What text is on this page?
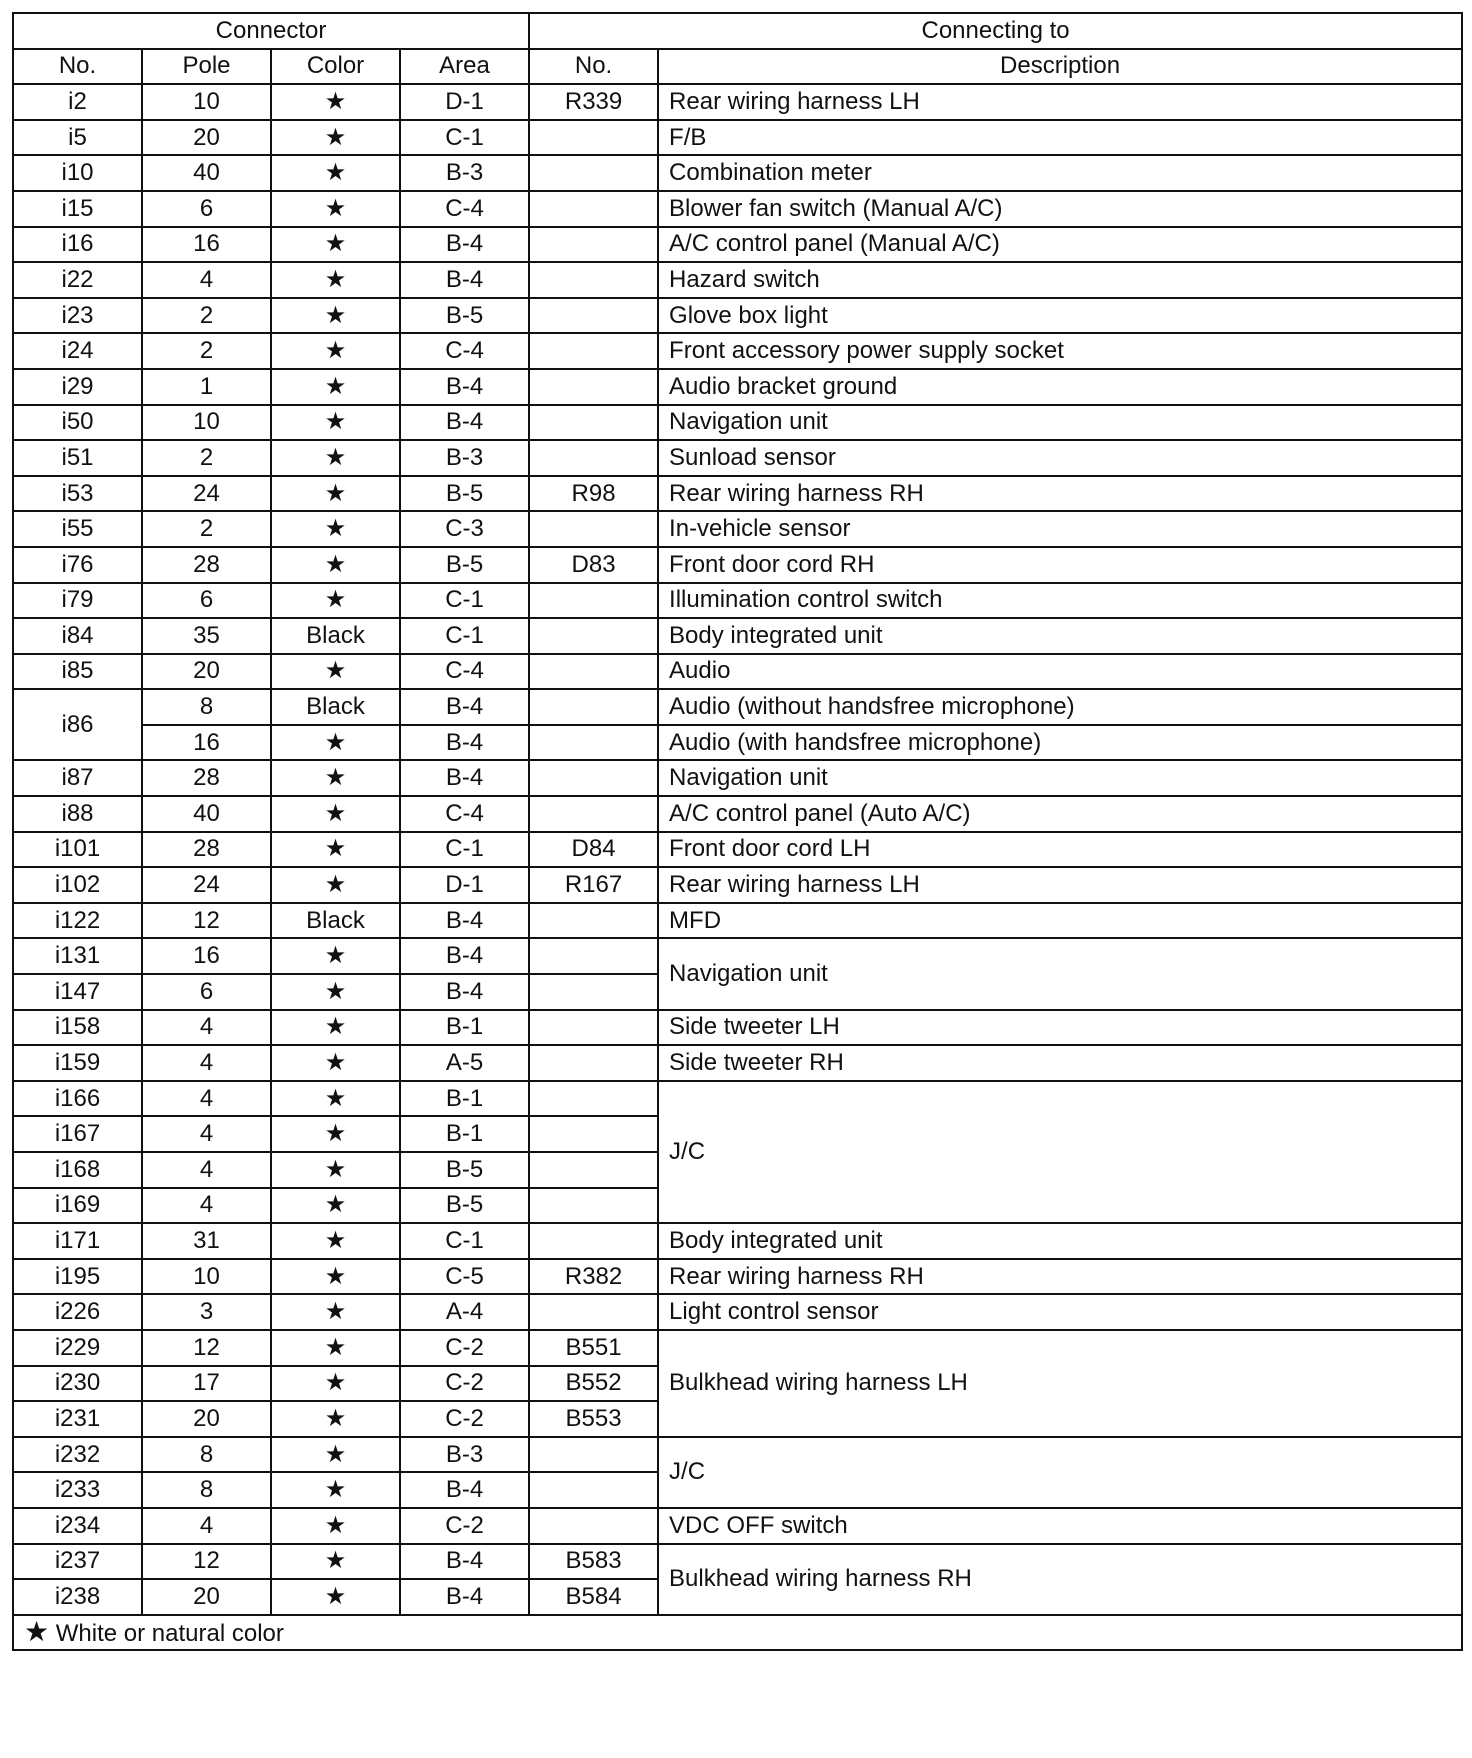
Connector				Connecting to	
No.	Pole	Color	Area	No.	Description
i2	10	★	D-1	R339	Rear wiring harness LH
i5	20	★	C-1		F/B
i10	40	★	B-3		Combination meter
i15	6	★	C-4		Blower fan switch (Manual A/C)
i16	16	★	B-4		A/C control panel (Manual A/C)
i22	4	★	B-4		Hazard switch
i23	2	★	B-5		Glove box light
i24	2	★	C-4		Front accessory power supply socket
i29	1	★	B-4		Audio bracket ground
i50	10	★	B-4		Navigation unit
i51	2	★	B-3		Sunload sensor
i53	24	★	B-5	R98	Rear wiring harness RH
i55	2	★	C-3		In-vehicle sensor
i76	28	★	B-5	D83	Front door cord RH
i79	6	★	C-1		Illumination control switch
i84	35	Black	C-1		Body integrated unit
i85	20	★	C-4		Audio
i86	8	Black	B-4		Audio (without handsfree microphone)
	16	★	B-4		Audio (with handsfree microphone)
i87	28	★	B-4		Navigation unit
i88	40	★	C-4		A/C control panel (Auto A/C)
i101	28	★	C-1	D84	Front door cord LH
i102	24	★	D-1	R167	Rear wiring harness LH
i122	12	Black	B-4		MFD
i131	16	★	B-4		Navigation unit
i147	6	★	B-4		
i158	4	★	B-1		Side tweeter LH
i159	4	★	A-5		Side tweeter RH
i166	4	★	B-1		J/C
i167	4	★	B-1		
i168	4	★	B-5		
i169	4	★	B-5		
i171	31	★	C-1		Body integrated unit
i195	10	★	C-5	R382	Rear wiring harness RH
i226	3	★	A-4		Light control sensor
i229	12	★	C-2	B551	Bulkhead wiring harness LH
i230	17	★	C-2	B552	
i231	20	★	C-2	B553	
i232	8	★	B-3		J/C
i233	8	★	B-4		
i234	4	★	C-2		VDC OFF switch
i237	12	★	B-4	B583	Bulkhead wiring harness RH
i238	20	★	B-4	B584	
★ White or natural color					
